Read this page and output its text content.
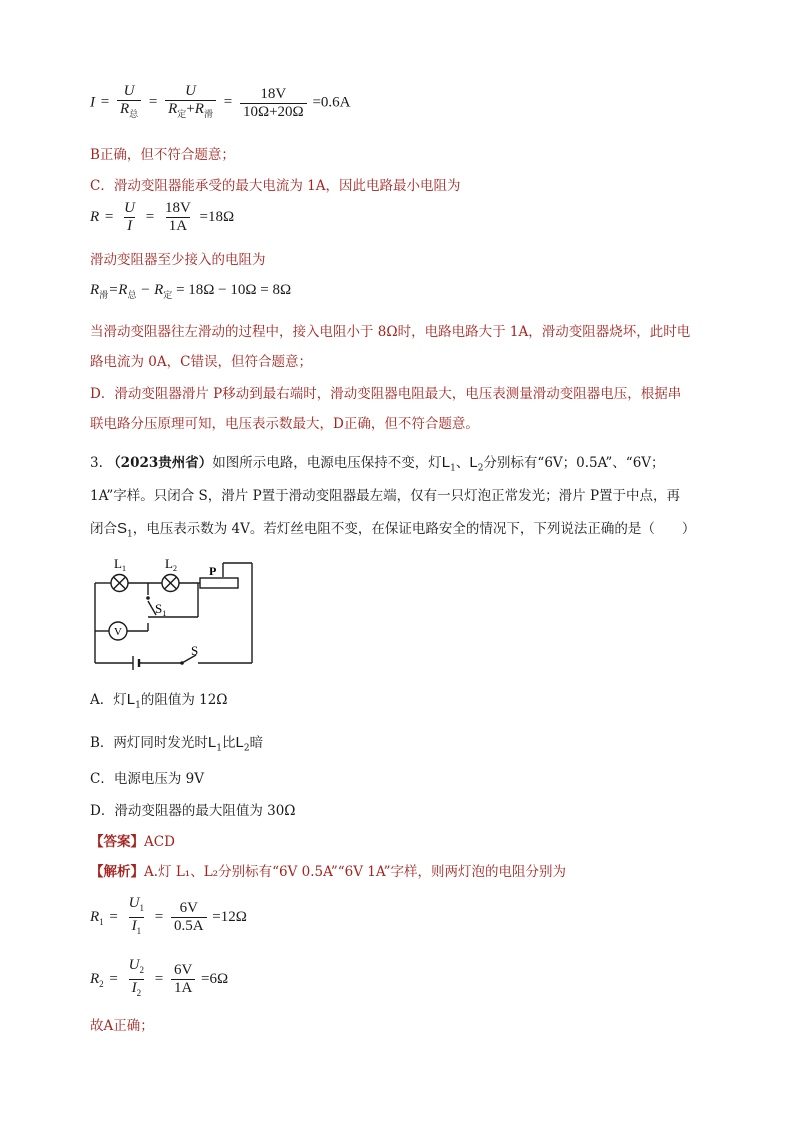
$I = \frac{U}{R_总} = \frac{U}{R_定+R_滑} = \frac{18V}{10\Omega+20\Omega} =0.6A$
B正确，但不符合题意；
C．滑动变阻器能承受的最大电流为 1A，因此电路最小电阻为
$R = \frac{U}{I} = \frac{18V}{1A} =18\Omega$
滑动变阻器至少接入的电阻为
$R_滑=R_总 - R_定 = 18\Omega - 10\Omega = 8\Omega$
当滑动变阻器往左滑动的过程中，接入电阻小于 8Ω时，电路电路大于 1A，滑动变阻器烧坏，此时电
路电流为 0A，C错误，但符合题意；
D．滑动变阻器滑片 P移动到最右端时，滑动变阻器电阻最大，电压表测量滑动变阻器电压，根据串
联电路分压原理可知，电压表示数最大，D正确，但不符合题意。
3. （2023贵州省）如图所示电路，电源电压保持不变，灯$L_1$、$L_2$分别标有“6V；0.5A”、“6V；
1A”字样。只闭合 S，滑片 P置于滑动变阻器最左端，仅有一只灯泡正常发光；滑片 P置于中点，再
闭合$S_1$，电压表示数为 4V。若灯丝电阻不变，在保证电路安全的情况下，下列说法正确的是（　　）
$L_1$	$L_2$	P
$S_1$
V
S
A．灯$L_1$的阻值为 12Ω
B．两灯同时发光时$L_1$比$L_2$暗
C．电源电压为 9V
D．滑动变阻器的最大阻值为 30Ω
【答案】ACD
【解析】A.灯 L₁、L₂分别标有“6V 0.5A”“6V 1A”字样，则两灯泡的电阻分别为
$R_1 = \frac{U_1}{I_1} = \frac{6V}{0.5A} =12\Omega$
$R_2 = \frac{U_2}{I_2} = \frac{6V}{1A} =6\Omega$
故A正确；
